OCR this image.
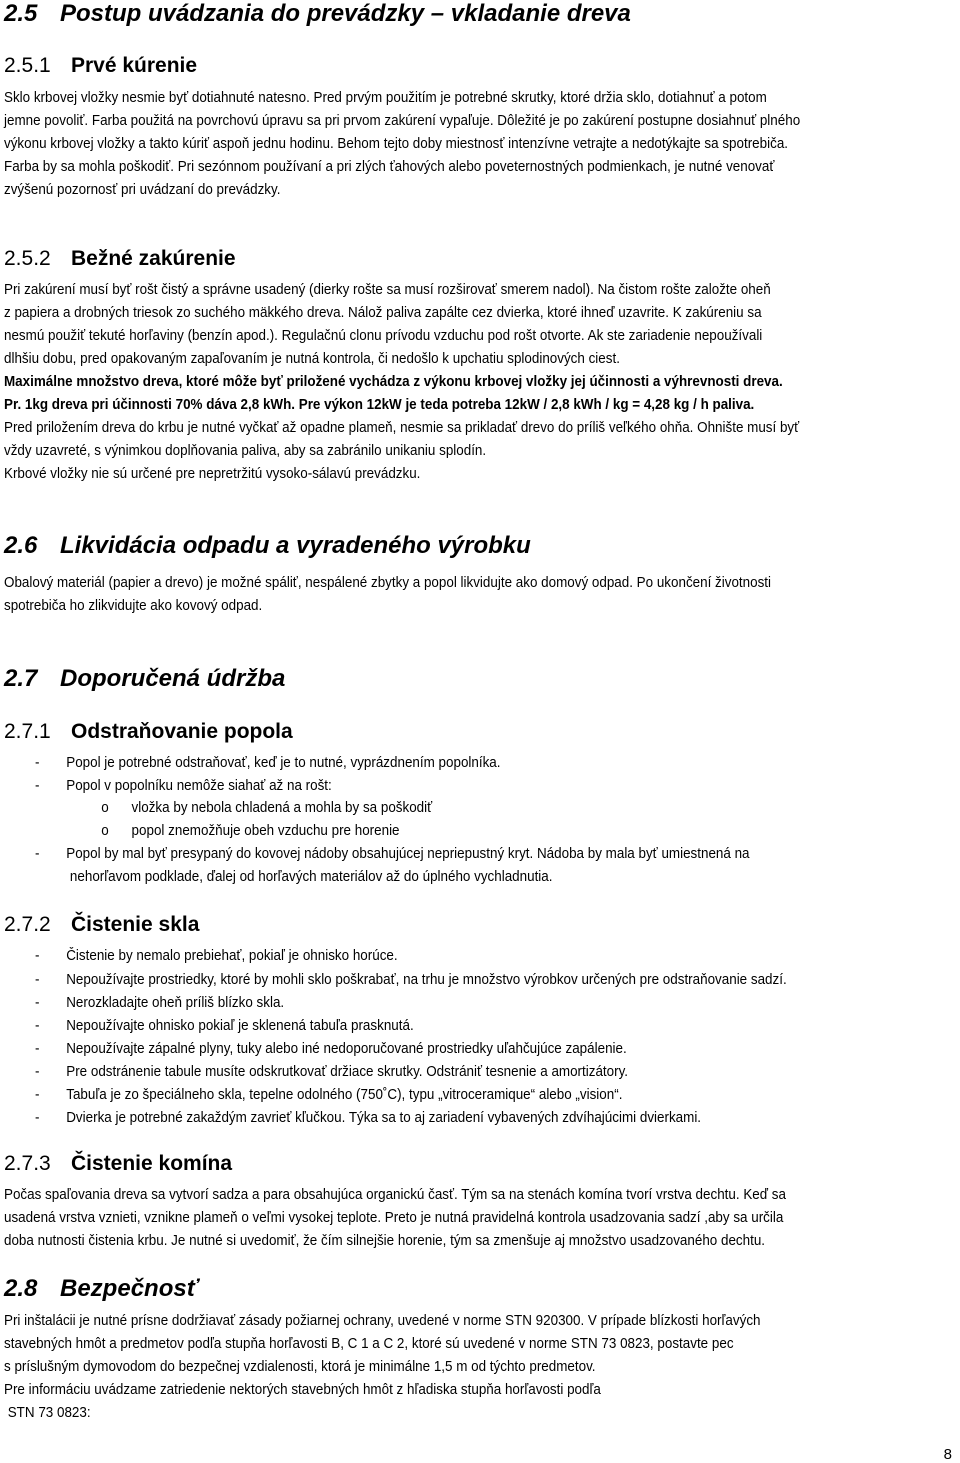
2.5 Postup uvádzania do prevádzky – vkladanie dreva
2.5.1 Prvé kúrenie
Sklo krbovej vložky nesmie byť dotiahnuté natesno. Pred prvým použitím je potrebné skrutky, ktoré držia sklo, dotiahnuť a potom
jemne povoliť. Farba použitá na povrchovú úpravu sa pri prvom zakúrení vypaľuje. Dôležité je po zakúrení postupne dosiahnuť plného
výkonu krbovej vložky a takto kúriť aspoň jednu hodinu. Behom tejto doby miestnosť intenzívne vetrajte a nedotýkajte sa spotrebiča.
Farba by sa mohla poškodiť. Pri sezónnom používaní a pri zlých ťahových alebo poveternostných podmienkach, je nutné venovať
zvýšenú pozornosť pri uvádzaní do prevádzky.
2.5.2 Bežné zakúrenie
Pri zakúrení musí byť rošt čistý a správne usadený (dierky rošte sa musí rozširovať smerem nadol). Na čistom rošte založte oheň
z papiera a drobných triesok zo suchého mäkkého dreva. Nálož paliva zapálte cez dvierka, ktoré ihneď uzavrite. K zakúreniu sa
nesmú použiť tekuté horľaviny (benzín apod.). Regulačnú clonu prívodu vzduchu pod rošt otvorte. Ak ste zariadenie nepoužívali
dlhšiu dobu, pred opakovaným zapaľovaním je nutná kontrola, či nedošlo k upchatiu splodinových ciest.
Maximálne množstvo dreva, ktoré môže byť priložené vychádza z výkonu krbovej vložky jej účinnosti a výhrevnosti dreva.
Pr. 1kg dreva pri účinnosti 70% dáva 2,8 kWh. Pre výkon 12kW je teda potreba 12kW / 2,8 kWh / kg = 4,28 kg / h paliva.
Pred priložením dreva do krbu je nutné vyčkať až opadne plameň, nesmie sa prikladať drevo do príliš veľkého ohňa. Ohnište musí byť
vždy uzavreté, s výnimkou doplňovania paliva, aby sa zabránilo unikaniu splodín.
Krbové vložky nie sú určené pre nepretržitú vysoko-sálavú prevádzku.
2.6 Likvidácia odpadu a vyradeného výrobku
Obalový materiál (papier a drevo) je možné spáliť, nespálené zbytky a popol likvidujte ako domový odpad. Po ukončení životnosti
spotrebiča ho zlikvidujte ako kovový odpad.
2.7 Doporučená údržba
2.7.1 Odstraňovanie popola
- Popol je potrebné odstraňovať, keď je to nutné, vyprázdnením popolníka.
- Popol v popolníku nemôže siahať až na rošt:
o vložka by nebola chladená a mohla by sa poškodiť
o popol znemožňuje obeh vzduchu pre horenie
- Popol by mal byť presypaný do kovovej nádoby obsahujúcej nepriepustný kryt. Nádoba by mala byť umiestnená na
nehorľavom podklade, ďalej od horľavých materiálov až do úplného vychladnutia.
2.7.2 Čistenie skla
- Čistenie by nemalo prebiehať, pokiaľ je ohnisko horúce.
- Nepoužívajte prostriedky, ktoré by mohli sklo poškrabať, na trhu je množstvo výrobkov určených pre odstraňovanie sadzí.
- Nerozkladajte oheň príliš blízko skla.
- Nepoužívajte ohnisko pokiaľ je sklenená tabuľa prasknutá.
- Nepoužívajte zápalné plyny, tuky alebo iné nedoporučované prostriedky uľahčujúce zapálenie.
- Pre odstránenie tabule musíte odskrutkovať držiace skrutky. Odstrániť tesnenie a amortizátory.
- Tabuľa je zo špeciálneho skla, tepelne odolného (750˚C), typu „vitroceramique“ alebo „vision“.
- Dvierka je potrebné zakaždým zavrieť kľučkou. Týka sa to aj zariadení vybavených zdvíhajúcimi dvierkami.
2.7.3 Čistenie komína
Počas spaľovania dreva sa vytvorí sadza a para obsahujúca organickú časť. Tým sa na stenách komína tvorí vrstva dechtu. Keď sa
usadená vrstva vznieti, vznikne plameň o veľmi vysokej teplote. Preto je nutná pravidelná kontrola usadzovania sadzí ,aby sa určila
doba nutnosti čistenia krbu. Je nutné si uvedomiť, že čím silnejšie horenie, tým sa zmenšuje aj množstvo usadzovaného dechtu.
2.8 Bezpečnosť
Pri inštalácii je nutné prísne dodržiavať zásady požiarnej ochrany, uvedené v norme STN 920300. V prípade blízkosti horľavých
stavebných hmôt a predmetov podľa stupňa horľavosti B, C 1 a C 2, ktoré sú uvedené v norme STN 73 0823, postavte pec
s príslušným dymovodom do bezpečnej vzdialenosti, ktorá je minimálne 1,5 m od týchto predmetov.
Pre informáciu uvádzame zatriedenie nektorých stavebných hmôt z hľadiska stupňa horľavosti podľa
STN 73 0823:
8
